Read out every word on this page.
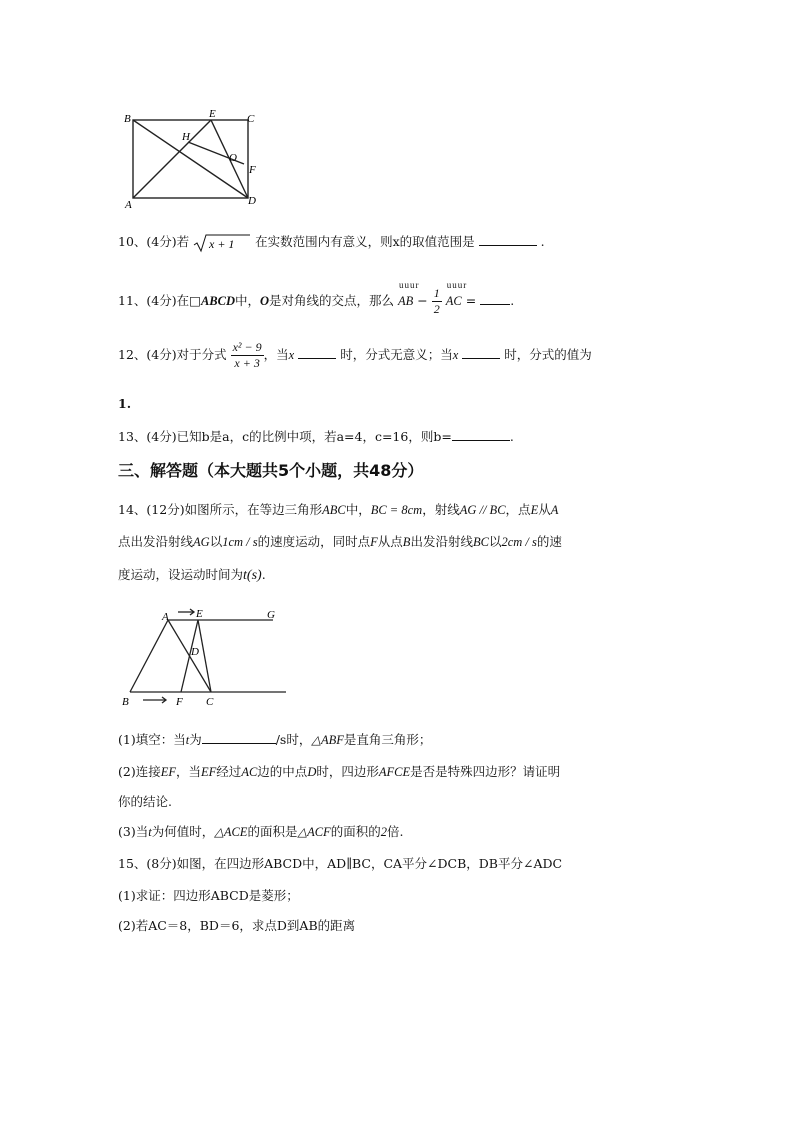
B	E	C
H
O
F
A	D
10、(4分)若 x + 1 在实数范围内有意义，则x的取值范围是	.
11、(4分)在□ABCD中，O是对角线的交点，那么
uuur
AB − $\frac{1}{2}$

uuur
AC =	.
12、(4分)对于分式 $\frac{\text{x² − 9}}{x + 3}$ ，当x	时，分式无意义；当x	时，分式的值为
1.
13、(4分)已知b是a，c的比例中项，若a=4，c=16，则b=	.
三、解答题（本大题共5个小题，共48分）
14、(12分)如图所示，在等边三角形ABC中，BC = 8cm，射线AG // BC，点E从A
点出发沿射线AG以1cm / s的速度运动，同时点F从点B出发沿射线BC以2cm / s的速
度运动，设运动时间为t(s).
A E	G
D
B	F C
(1)填空：当t为	/s时，△ABF是直角三角形；
(2)连接EF，当EF经过AC边的中点D时，四边形AFCE是否是特殊四边形？请证明
你的结论.
(3)当t为何值时，△ACE的面积是△ACF的面积的2倍.
15、(8分)如图，在四边形ABCD中，AD∥BC，CA平分∠DCB，DB平分∠ADC
(1)求证：四边形ABCD是菱形；
(2)若AC＝8，BD＝6，求点D到AB的距离
